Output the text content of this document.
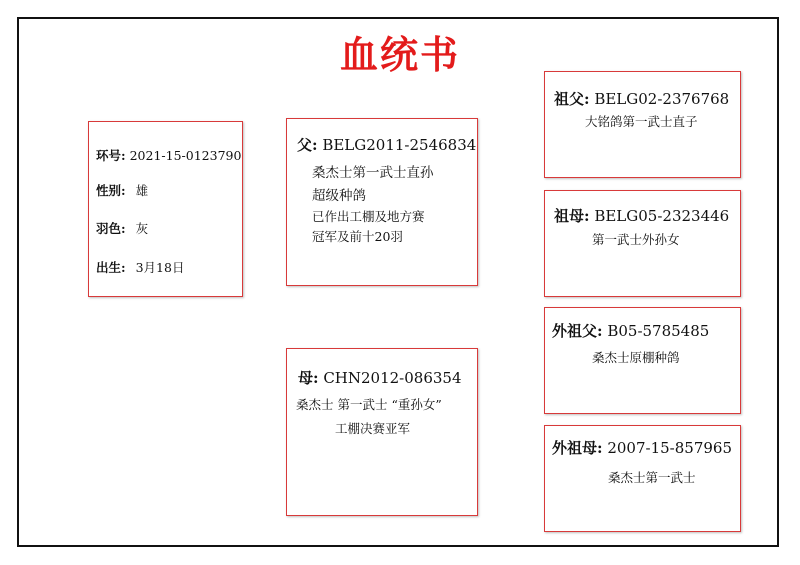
血统书
环号: 2021-15-0123790
性别: 雄
羽色: 灰
出生: 3月18日
父: BELG2011-2546834
桑杰士第一武士直孙
超级种鸽
已作出工棚及地方赛
冠军及前十20羽
母: CHN2012-086354
桑杰士 第一武士 “重孙女”
工棚决赛亚军
祖父: BELG02-2376768
大铭鸽第一武士直子
祖母: BELG05-2323446
第一武士外孙女
外祖父: B05-5785485
桑杰士原棚种鸽
外祖母: 2007-15-857965
桑杰士第一武士
